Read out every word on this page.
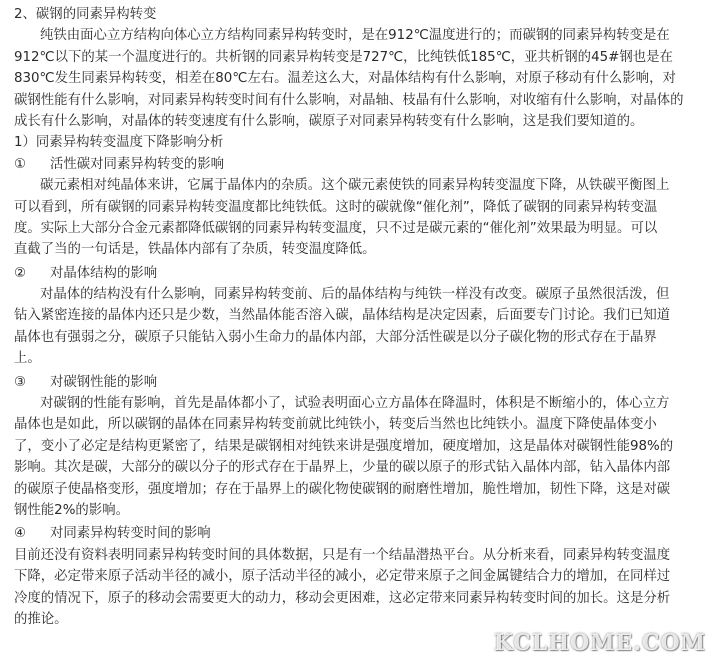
2、碳钢的同素异构转变
纯铁由面心立方结构向体心立方结构同素异构转变时，是在912℃温度进行的；而碳钢的同素异构转变是在
912℃以下的某一个温度进行的。共析钢的同素异构转变是727℃，比纯铁低185℃，亚共析钢的45#钢也是在
830℃发生同素异构转变，相差在80℃左右。温差这么大，对晶体结构有什么影响，对原子移动有什么影响，对
碳钢性能有什么影响，对同素异构转变时间有什么影响，对晶轴、枝晶有什么影响，对收缩有什么影响，对晶体的
成长有什么影响，对晶体的转变速度有什么影响，碳原子对同素异构转变有什么影响，这是我们要知道的。
1）同素异构转变温度下降影响分析
① 活性碳对同素异构转变的影响
碳元素相对纯晶体来讲，它属于晶体内的杂质。这个碳元素使铁的同素异构转变温度下降，从铁碳平衡图上
可以看到，所有碳钢的同素异构转变温度都比纯铁低。这时的碳就像“催化剂”，降低了碳钢的同素异构转变温
度。实际上大部分合金元素都降低碳钢的同素异构转变温度，只不过是碳元素的“催化剂”效果最为明显。可以
直截了当的一句话是，铁晶体内部有了杂质，转变温度降低。
② 对晶体结构的影响
对晶体的结构没有什么影响，同素异构转变前、后的晶体结构与纯铁一样没有改变。碳原子虽然很活泼，但
钻入紧密连接的晶体内还只是少数，当然晶体能否溶入碳，晶体结构是决定因素，后面要专门讨论。我们已知道
晶体也有强弱之分，碳原子只能钻入弱小生命力的晶体内部，大部分活性碳是以分子碳化物的形式存在于晶界
上。
③ 对碳钢性能的影响
对碳钢的性能有影响，首先是晶体都小了，试验表明面心立方晶体在降温时，体积是不断缩小的，体心立方
晶体也是如此，所以碳钢的晶体在同素异构转变前就比纯铁小，转变后当然也比纯铁小。温度下降使晶体变小
了，变小了必定是结构更紧密了，结果是碳钢相对纯铁来讲是强度增加，硬度增加，这是晶体对碳钢性能98%的
影响。其次是碳，大部分的碳以分子的形式存在于晶界上，少量的碳以原子的形式钻入晶体内部，钻入晶体内部
的碳原子使晶格变形，强度增加；存在于晶界上的碳化物使碳钢的耐磨性增加，脆性增加，韧性下降，这是对碳
钢性能2%的影响。
④ 对同素异构转变时间的影响
目前还没有资料表明同素异构转变时间的具体数据，只是有一个结晶潜热平台。从分析来看，同素异构转变温度
下降，必定带来原子活动半径的减小，原子活动半径的减小，必定带来原子之间金属键结合力的增加，在同样过
冷度的情况下，原子的移动会需要更大的动力，移动会更困难，这必定带来同素异构转变时间的加长。这是分析
的推论。
KCLHOME.COM
